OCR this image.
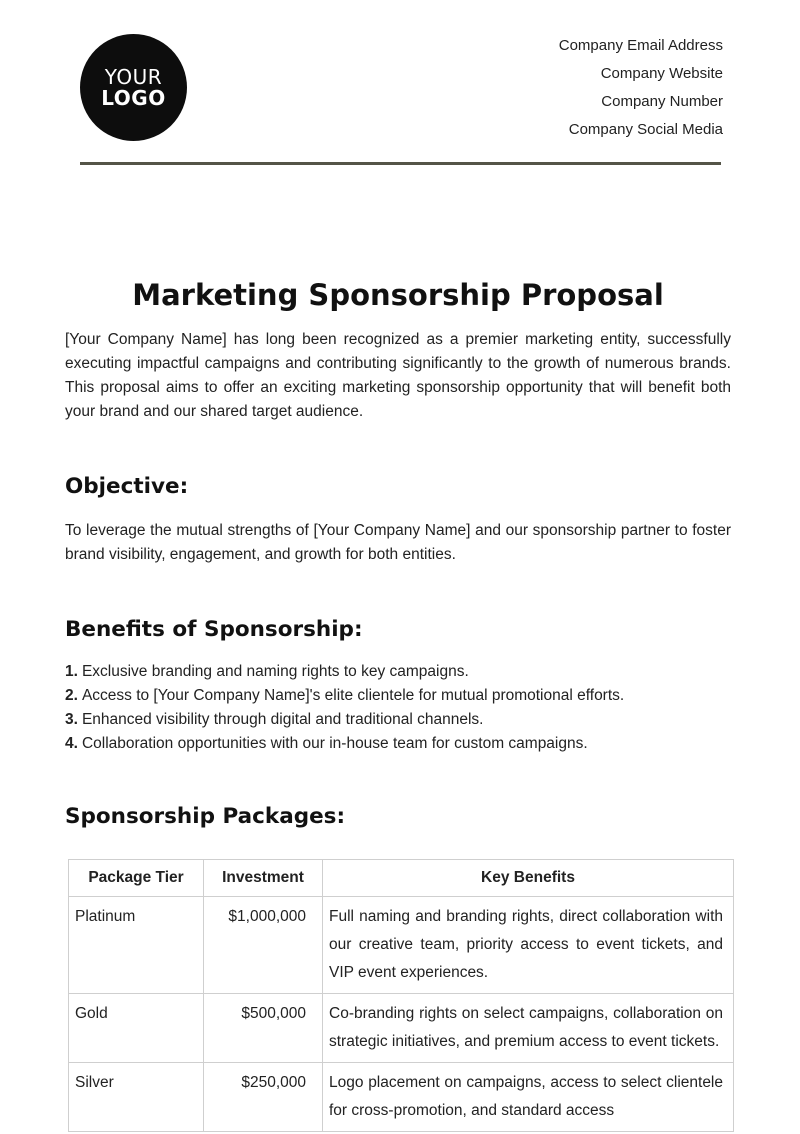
YOUR
LOGO
Company Email Address
Company Website
Company Number
Company Social Media
Marketing Sponsorship Proposal

[Your Company Name] has long been recognized as a premier marketing entity, successfully executing impactful campaigns and contributing significantly to the growth of numerous brands. This proposal aims to offer an exciting marketing sponsorship opportunity that will benefit both your brand and our shared target audience.

Objective:

To leverage the mutual strengths of [Your Company Name] and our sponsorship partner to foster brand visibility, engagement, and growth for both entities.

Benefits of Sponsorship:
1. Exclusive branding and naming rights to key campaigns.
2. Access to [Your Company Name]'s elite clientele for mutual promotional efforts.
3. Enhanced visibility through digital and traditional channels.
4. Collaboration opportunities with our in-house team for custom campaigns.
Sponsorship Packages:
Package Tier	Investment	Key Benefits
Platinum	$1,000,000	Full naming and branding rights, direct collaboration with our creative team, priority access to event tickets, and VIP event experiences.
Gold	$500,000	Co-branding rights on select campaigns, collaboration on strategic initiatives, and premium access to event tickets.
Silver	$250,000	Logo placement on campaigns, access to select clientele for cross-promotion, and standard access
